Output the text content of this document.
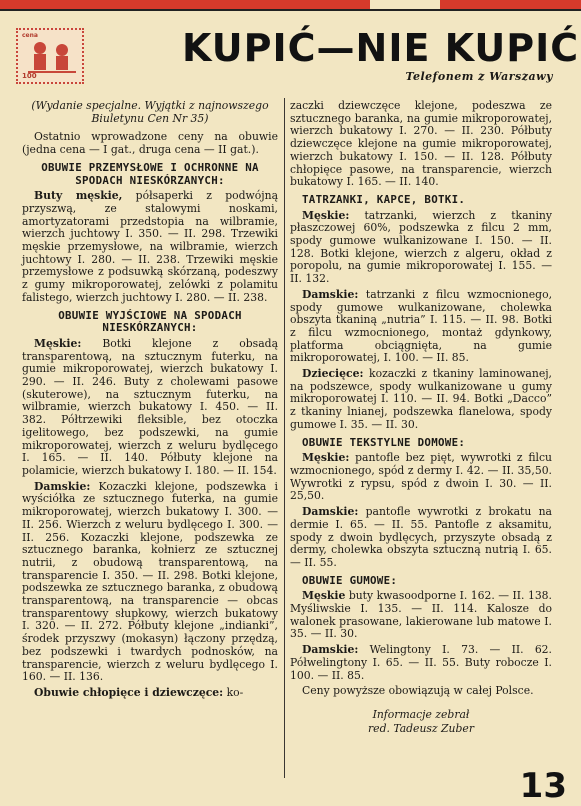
cena
100
KUPIĆ—NIE KUPIĆ
Telefonem z Warszawy

(Wydanie specjalne. Wyjątki z najnowszego Biuletynu Cen Nr 35)

Ostatnio wprowadzone ceny na obuwie (jedna cena — I gat., druga cena — II gat.).

OBUWIE PRZEMYSŁOWE I OCHRONNE NA SPODACH NIESKÓRZANYCH:

Buty męskie, półsaperki z podwójną przyszwą, ze stalowymi noskami, amortyzatorami przedstopia na wilbramie, wierzch juchtowy I. 350. — II. 298. Trzewiki męskie przemysłowe, na wilbramie, wierzch juchtowy I. 280. — II. 238. Trzewiki męskie przemysłowe z podsuwką skórzaną, podeszwy z gumy mikroporowatej, zelówki z polamitu falistego, wierzch juchtowy I. 280. — II. 238.

OBUWIE WYJŚCIOWE NA SPODACH NIESKÓRZANYCH:

Męskie: Botki klejone z obsadą transparentową, na sztucznym futerku, na gumie mikroporowatej, wierzch bukatowy I. 290. — II. 246. Buty z cholewami pasowe (skuterowe), na sztucznym futerku, na wilbramie, wierzch bukatowy I. 450. — II. 382. Półtrzewiki fleksible, bez otoczka igelitowego, bez podszewki, na gumie mikroporowatej, wierzch z weluru bydlęcego I. 165. — II. 140. Półbuty klejone na polamicie, wierzch bukatowy I. 180. — II. 154.

Damskie: Kozaczki klejone, podszewka i wyściółka ze sztucznego futerka, na gumie mikroporowatej, wierzch bukatowy I. 300. — II. 256. Wierzch z weluru bydlęcego I. 300. — II. 256. Kozaczki klejone, podszewka ze sztucznego baranka, kołnierz ze sztucznej nutrii, z obudową transparentową, na transparencie I. 350. — II. 298. Botki klejone, podszewka ze sztucznego baranka, z obudową transparentową, na transparencie — obcas transparentowy słupkowy, wierzch bukatowy I. 320. — II. 272. Półbuty klejone „indianki”, środek przyszwy (mokasyn) łączony przędzą, bez podszewki i twardych podnosków, na transparencie, wierzch z weluru bydlęcego I. 160. — II. 136.

Obuwie chłopięce i dziewczęce: ko-

zaczki dziewczęce klejone, podeszwa ze sztucznego baranka, na gumie mikroporowatej, wierzch bukatowy I. 270. — II. 230. Półbuty dziewczęce klejone na gumie mikroporowatej, wierzch bukatowy I. 150. — II. 128. Półbuty chłopięce pasowe, na transparencie, wierzch bukatowy I. 165. — II. 140.

TATRZANKI, KAPCE, BOTKI.

Męskie: tatrzanki, wierzch z tkaniny płaszczowej 60%, podszewka z filcu 2 mm, spody gumowe wulkanizowane I. 150. — II. 128. Botki klejone, wierzch z algeru, okład z poropolu, na gumie mikroporowatej I. 155. — II. 132.

Damskie: tatrzanki z filcu wzmocnionego, spody gumowe wulkanizowane, cholewka obszyta tkaniną „nutria” I. 115. — II. 98. Botki z filcu wzmocnionego, montaż gdynkowy, platforma obciągnięta, na gumie mikroporowatej, I. 100. — II. 85.

Dziecięce: kozaczki z tkaniny laminowanej, na podszewce, spody wulkanizowane u gumy mikroporowatej I. 110. — II. 94. Botki „Dacco” z tkaniny lnianej, podszewka flanelowa, spody gumowe I. 35. — II. 30.

OBUWIE TEKSTYLNE DOMOWE:

Męskie: pantofle bez pięt, wywrotki z filcu wzmocnionego, spód z dermy I. 42. — II. 35,50. Wywrotki z rypsu, spód z dwoin I. 30. — II. 25,50.

Damskie: pantofle wywrotki z brokatu na dermie I. 65. — II. 55. Pantofle z aksamitu, spody z dwoin bydlęcych, przyszyte obsadą z dermy, cholewka obszyta sztuczną nutrią I. 65. — II. 55.

OBUWIE GUMOWE:

Męskie buty kwasoodporne I. 162. — II. 138. Myśliwskie I. 135. — II. 114. Kalosze do walonek prasowane, lakierowane lub matowe I. 35. — II. 30.

Damskie: Welingtony I. 73. — II. 62. Półwelingtony I. 65. — II. 55. Buty robocze I. 100. — II. 85.

Ceny powyższe obowiązują w całej Polsce.

Informacje zebrał
red. Tadeusz Zuber
13
